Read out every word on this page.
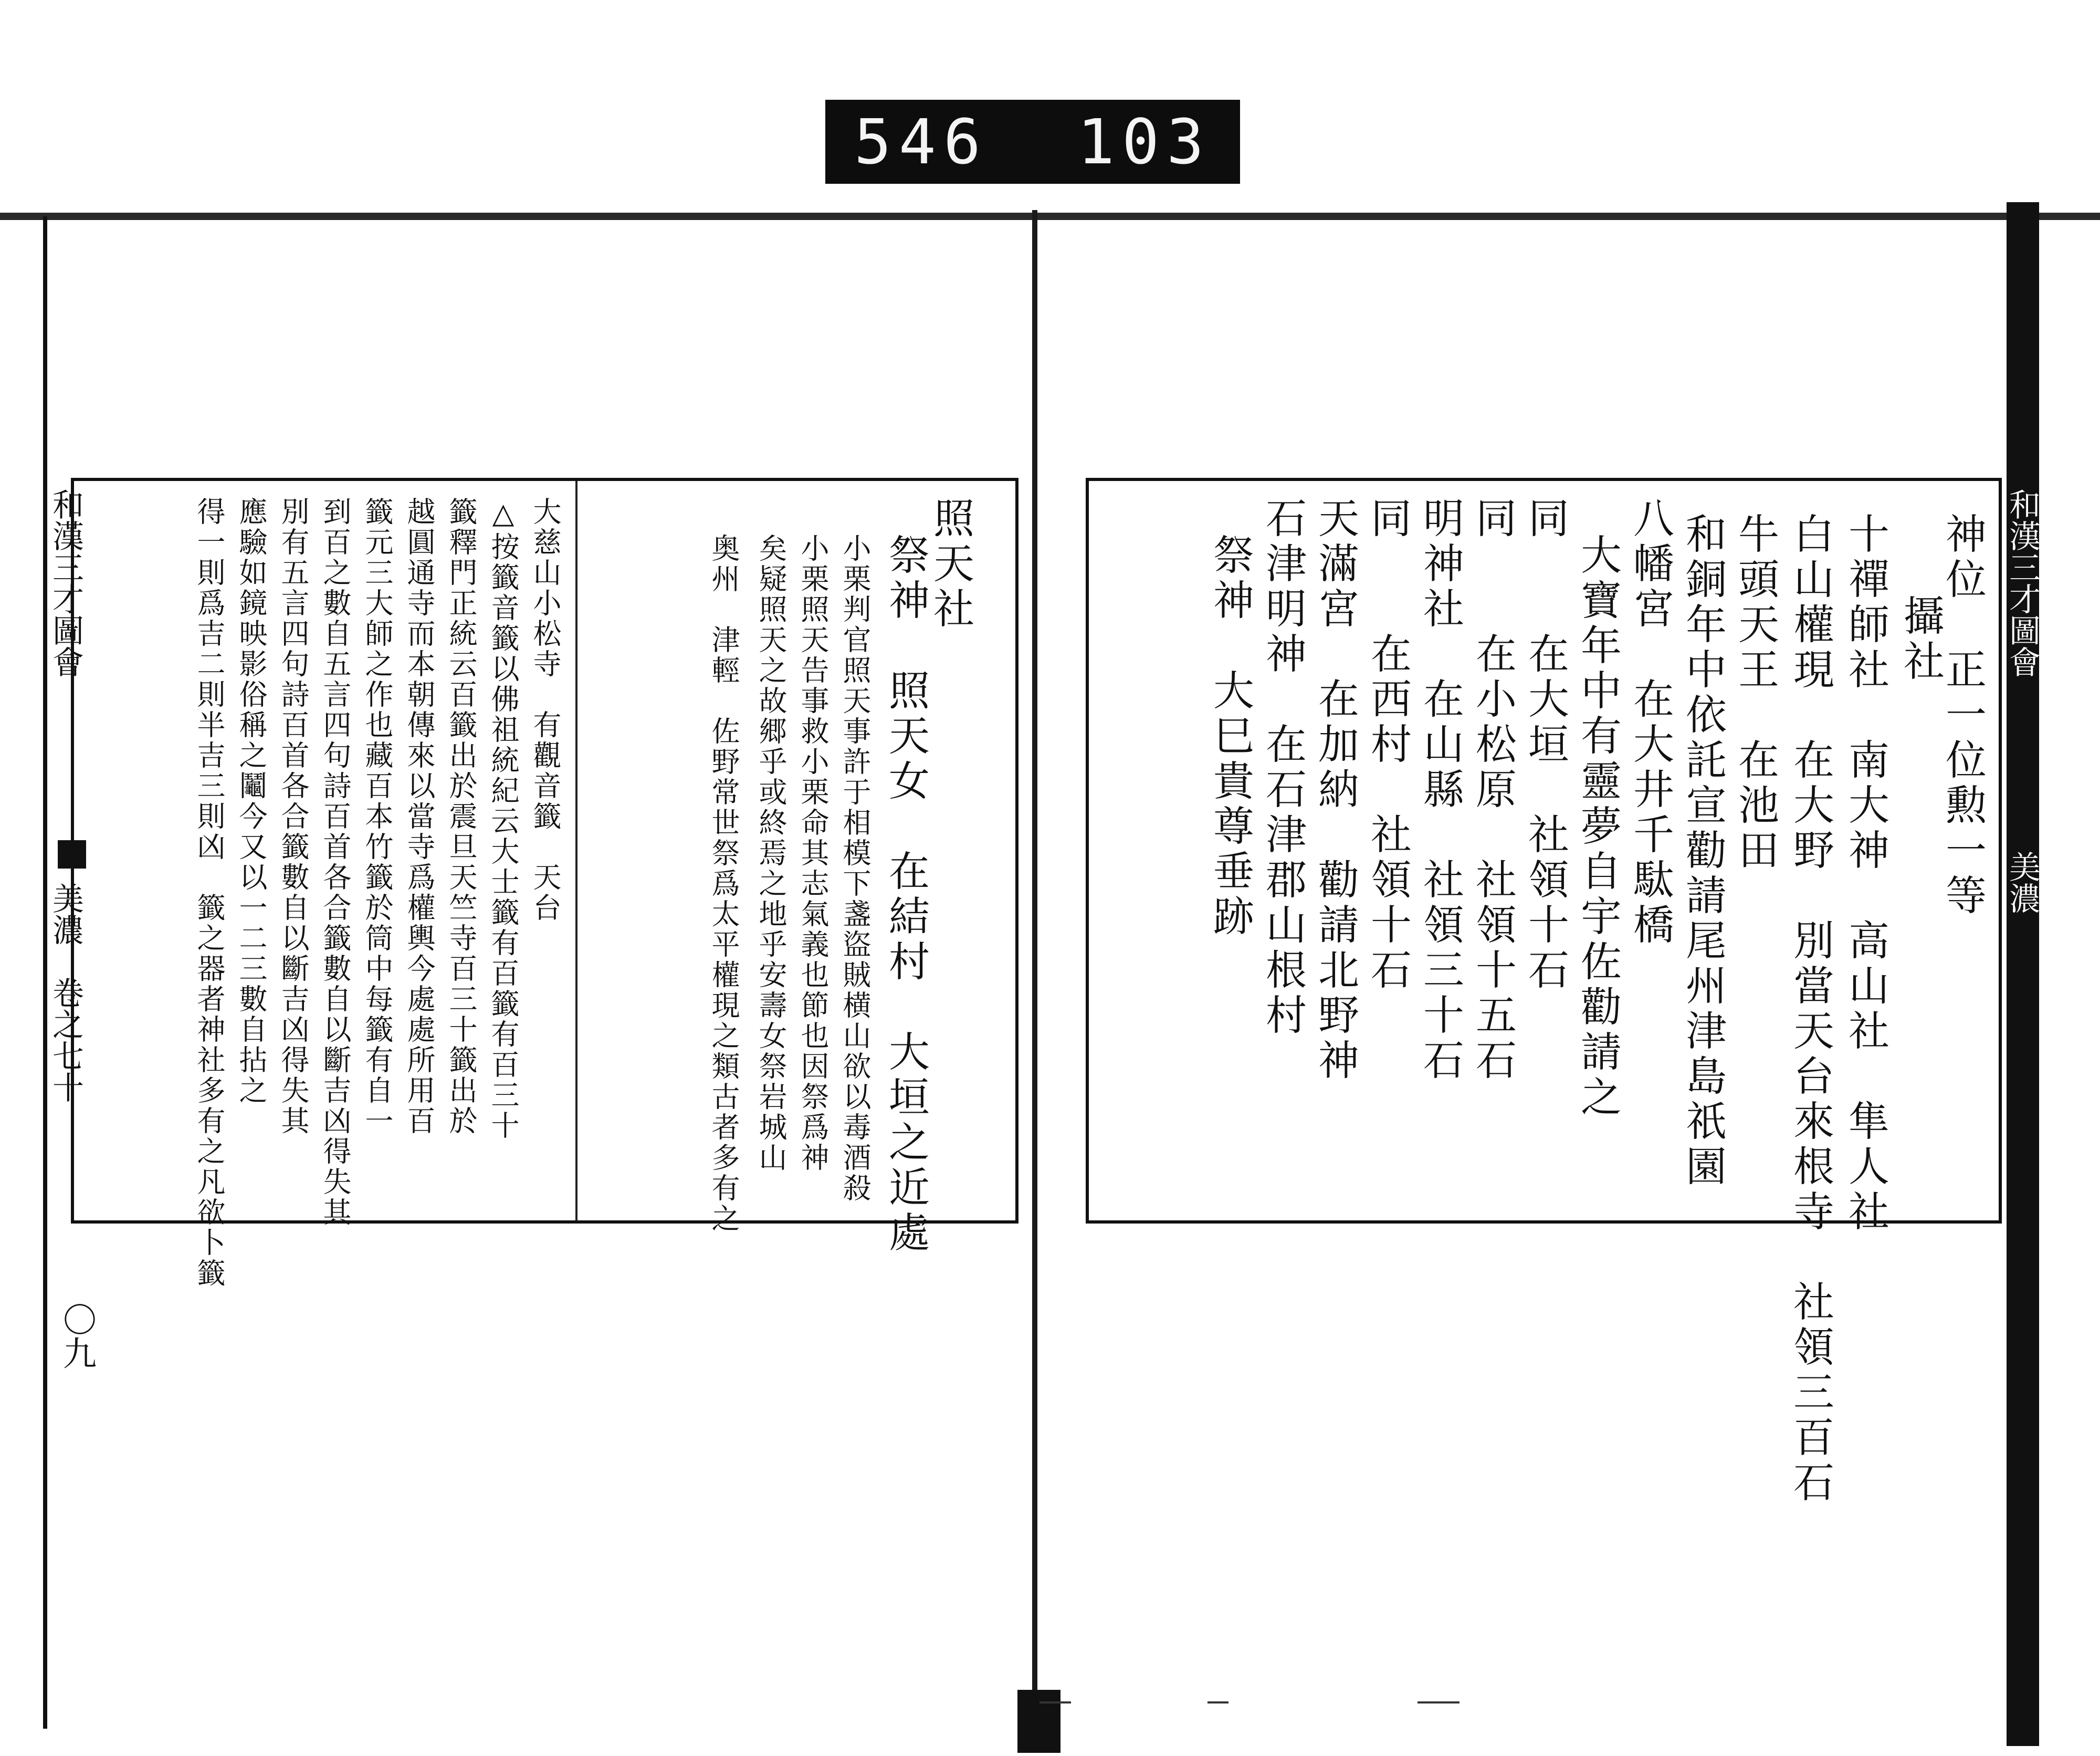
546 103
和漢三才圖會
美濃
卷之七十
〇九
和漢三才圖會
美濃
神位　正一位勲一等
　攝社
十禪師社　南大神　高山社　隼人社
白山權現　在大野　別當天台來根寺　社領三百石
牛頭天王　在池田
和銅年中依託宣勸請尾州津島祇園
八幡宮　在大井千駄橋
大寶年中有靈夢自宇佐勸請之
同　　在大垣　社領十石
同　　在小松原　社領十五石
明神社　在山縣　社領三十石
同　　在西村　社領十石
天滿宮　在加納　勸請北野神
石津明神　在石津郡山根村
祭神　大巳貴尊垂跡
照天社
祭神　照天女　在結村　大垣之近處
小栗判官照天事許于相模下盞盜賊横山欲以毒酒殺
小栗照天告事救小栗命其志氣義也節也因祭爲神
矣疑照天之故郷乎或終焉之地乎安壽女祭岩城山
奥州　津輕　佐野常世祭爲太平權現之類古者多有之
大慈山小松寺　有觀音籤　天台
△按籤音籤以佛祖統紀云大士籤有百籤有百三十
籤釋門正統云百籤出於震旦天竺寺百三十籤出於
越圓通寺而本朝傳來以當寺爲權輿今處處所用百
籤元三大師之作也藏百本竹籤於筒中每籤有自一
到百之數自五言四句詩百首各合籤數自以斷吉凶得失其
別有五言四句詩百首各合籤數自以斷吉凶得失其
應驗如鏡映影俗稱之鬮今又以一二三數自拈之
得一則爲吉二則半吉三則凶　籤之器者神社多有之凡欲卜籤
